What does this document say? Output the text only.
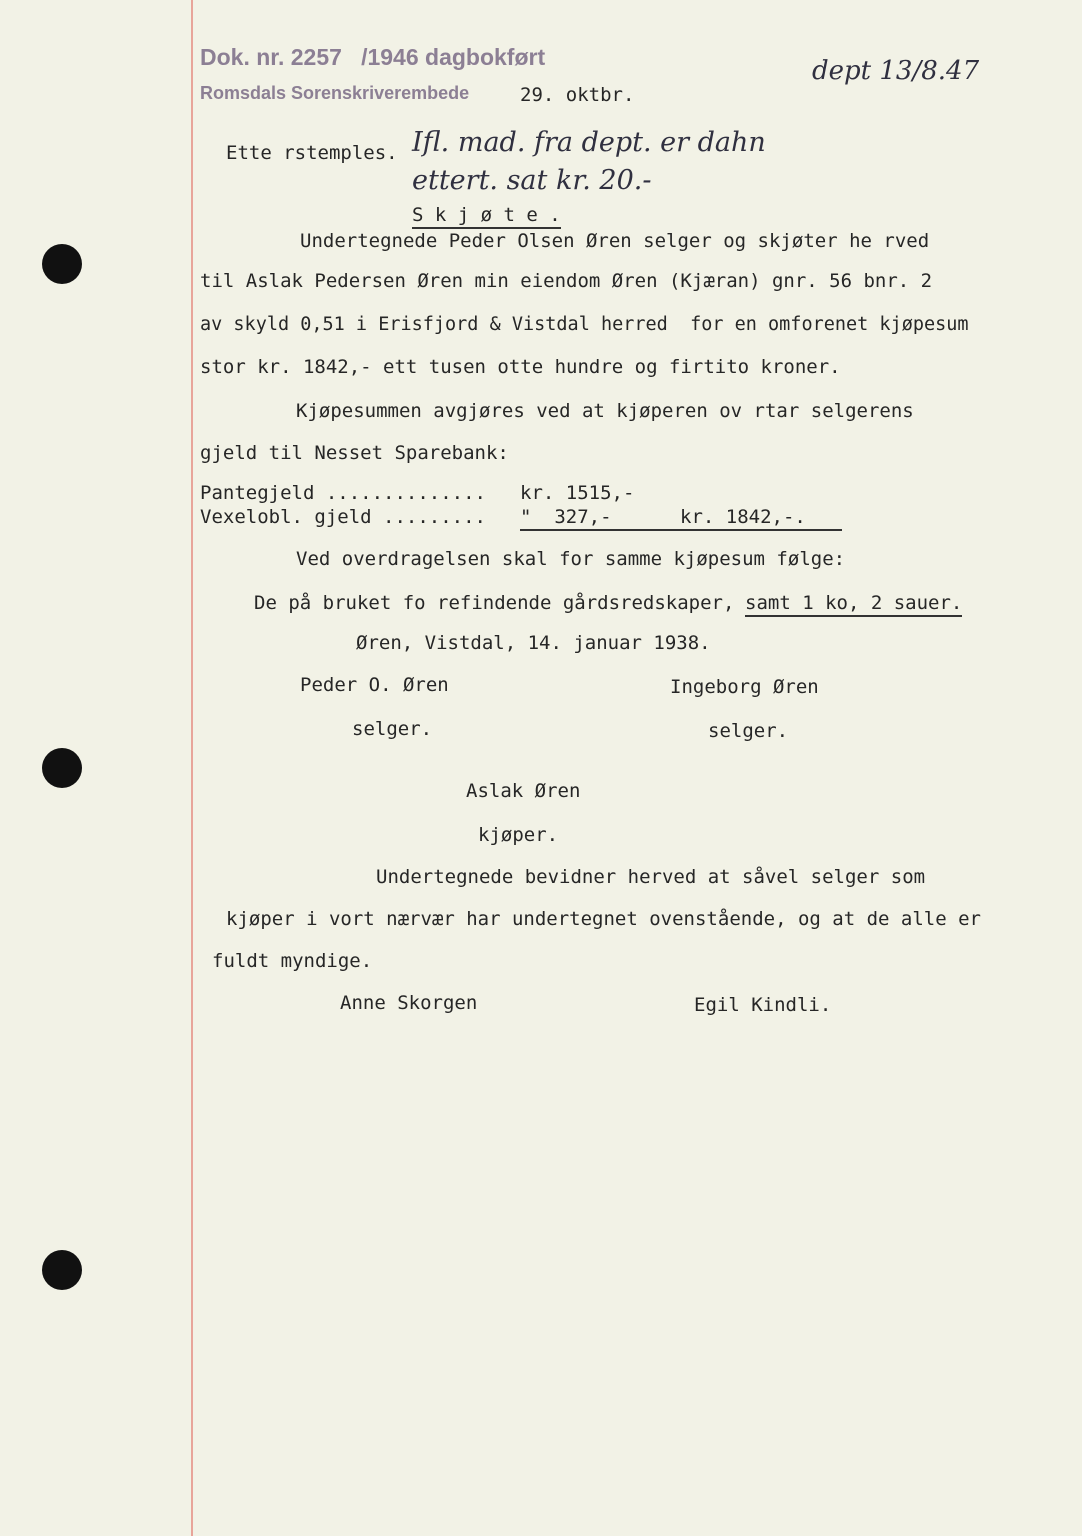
Dok. nr. 2257   /1946 dagbokført
Romsdals Sorenskriverembede	29. oktbr.
dept 13/8.47
Ette rstemples. Ifl. mad. fra dept. er dahn
ettert. sat kr. 20.-
S k j ø t e .
Undertegnede Peder Olsen Øren selger og skjøter he rved
til Aslak Pedersen Øren min eiendom Øren (Kjæran) gnr. 56 bnr. 2
av skyld 0,51 i Erisfjord & Vistdal herred  for en omforenet kjøpesum
stor kr. 1842,- ett tusen otte hundre og firtito kroner.
Kjøpesummen avgjøres ved at kjøperen ov rtar selgerens
gjeld til Nesset Sparebank:
Pantegjeld .............. kr. 1515,-
Vexelobl. gjeld ......... "  327,-	kr. 1842,-.
Ved overdragelsen skal for samme kjøpesum følge:
De på bruket fo refindende gårdsredskaper, samt 1 ko, 2 sauer.
Øren, Vistdal, 14. januar 1938.
Peder O. Øren
selger.
Ingeborg Øren
selger.
Aslak Øren
kjøper.
Undertegnede bevidner herved at såvel selger som
kjøper i vort nærvær har undertegnet ovenstående, og at de alle er
fuldt myndige.
Anne Skorgen	Egil Kindli.
